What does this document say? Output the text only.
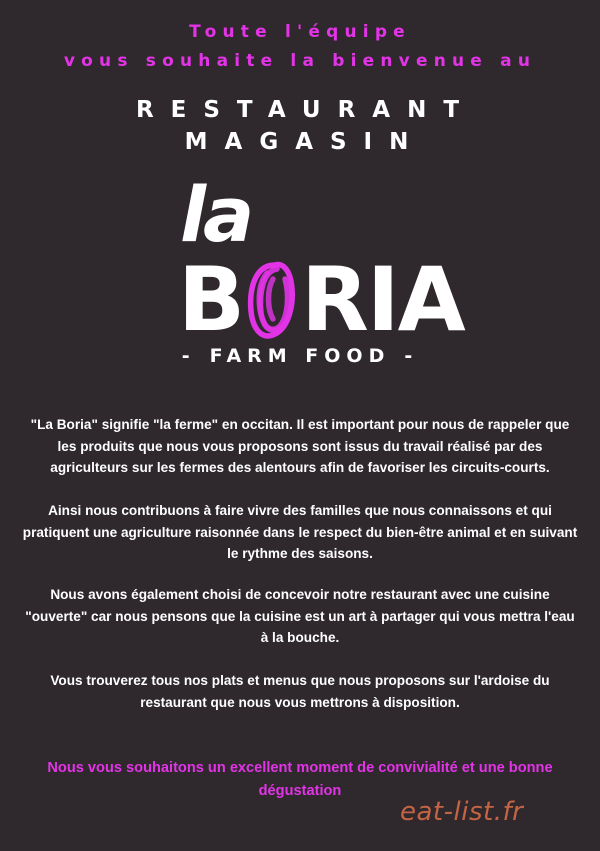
Toute l'équipe
vous souhaite la bienvenue au
RESTAURANT
MAGASIN
la
B RIA
- FARM FOOD -
"La Boria" signifie "la ferme" en occitan. Il est important pour nous de rappeler que les produits que nous vous proposons sont issus du travail réalisé par des agriculteurs sur les fermes des alentours afin de favoriser les circuits-courts.
Ainsi nous contribuons à faire vivre des familles que nous connaissons et qui pratiquent une agriculture raisonnée dans le respect du bien-être animal et en suivant le rythme des saisons.
Nous avons également choisi de concevoir notre restaurant avec une cuisine "ouverte" car nous pensons que la cuisine est un art à partager qui vous mettra l'eau à la bouche.
Vous trouverez tous nos plats et menus que nous proposons sur l'ardoise du restaurant que nous vous mettrons à disposition.
Nous vous souhaitons un excellent moment de convivialité et une bonne dégustation
eat-list.fr
